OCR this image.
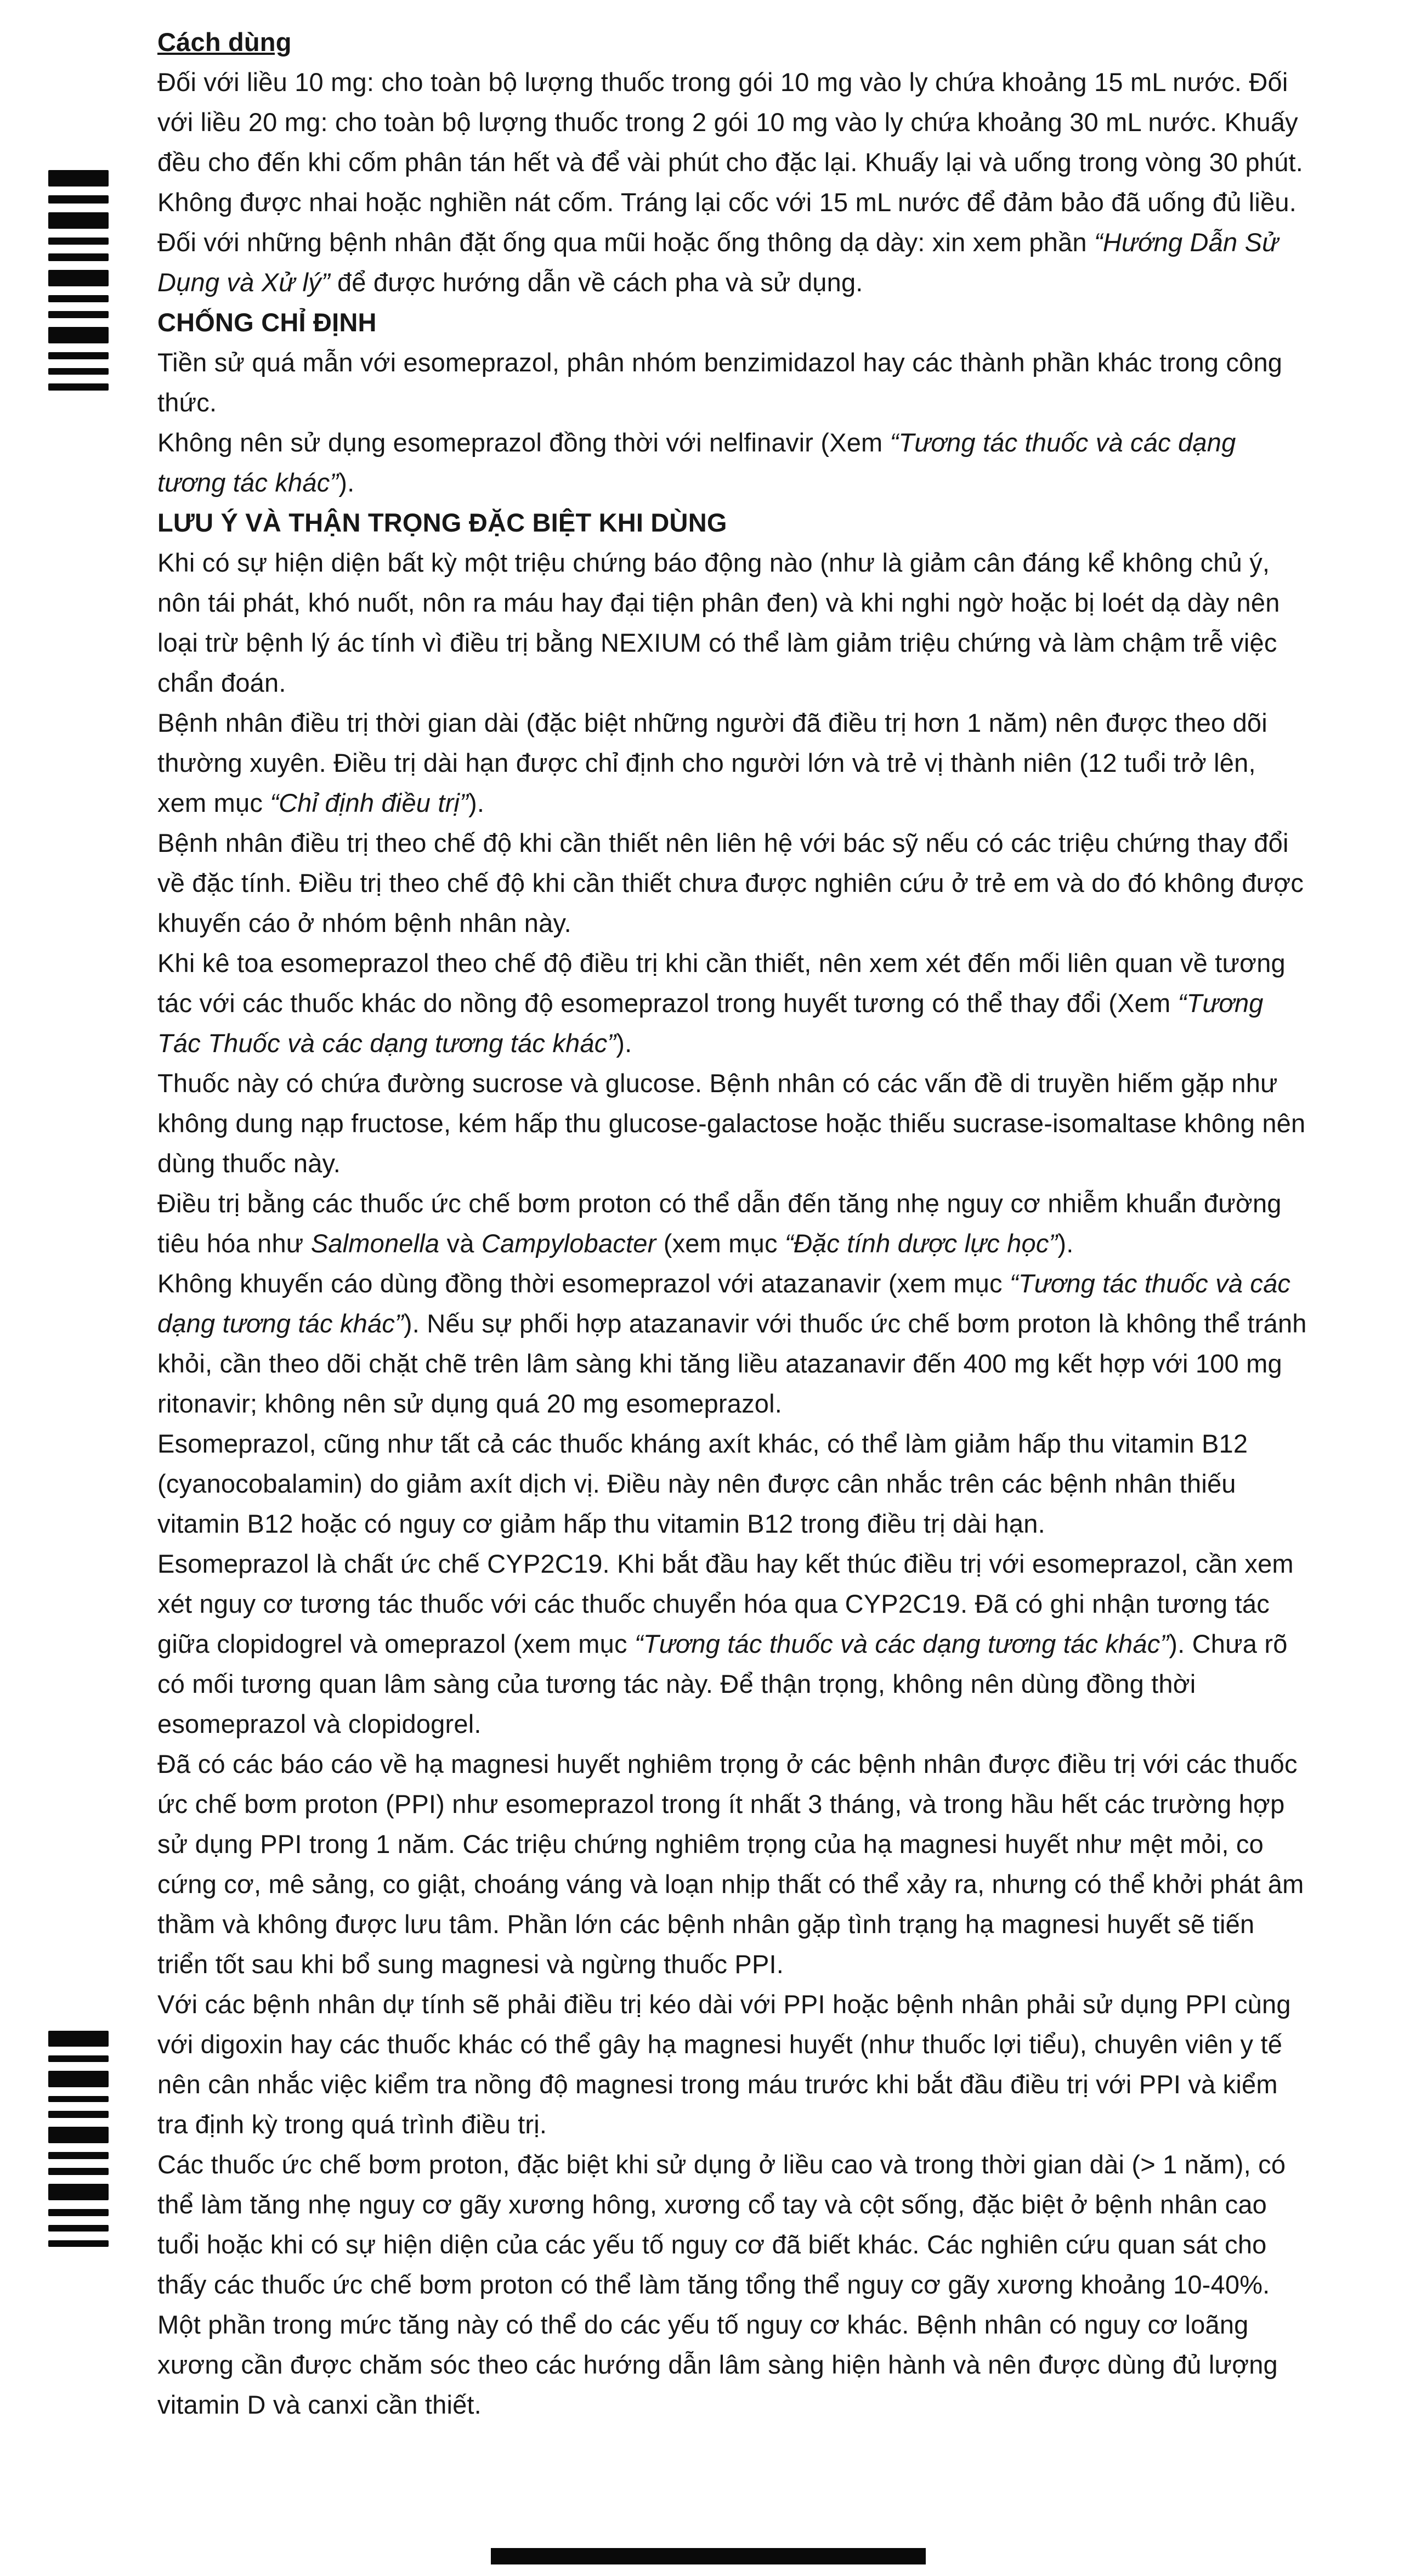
Cách dùng
Đối với liều 10 mg: cho toàn bộ lượng thuốc trong gói 10 mg vào ly chứa khoảng 15 mL nước. Đối với liều 20 mg: cho toàn bộ lượng thuốc trong 2 gói 10 mg vào ly chứa khoảng 30 mL nước. Khuấy đều cho đến khi cốm phân tán hết và để vài phút cho đặc lại. Khuấy lại và uống trong vòng 30 phút. Không được nhai hoặc nghiền nát cốm. Tráng lại cốc với 15 mL nước để đảm bảo đã uống đủ liều.
Đối với những bệnh nhân đặt ống qua mũi hoặc ống thông dạ dày: xin xem phần “Hướng Dẫn Sử Dụng và Xử lý” để được hướng dẫn về cách pha và sử dụng.
CHỐNG CHỈ ĐỊNH
Tiền sử quá mẫn với esomeprazol, phân nhóm benzimidazol hay các thành phần khác trong công thức.
Không nên sử dụng esomeprazol đồng thời với nelfinavir (Xem “Tương tác thuốc và các dạng tương tác khác”).
LƯU Ý VÀ THẬN TRỌNG ĐẶC BIỆT KHI DÙNG
Khi có sự hiện diện bất kỳ một triệu chứng báo động nào (như là giảm cân đáng kể không chủ ý, nôn tái phát, khó nuốt, nôn ra máu hay đại tiện phân đen) và khi nghi ngờ hoặc bị loét dạ dày nên loại trừ bệnh lý ác tính vì điều trị bằng NEXIUM có thể làm giảm triệu chứng và làm chậm trễ việc chẩn đoán.
Bệnh nhân điều trị thời gian dài (đặc biệt những người đã điều trị hơn 1 năm) nên được theo dõi thường xuyên. Điều trị dài hạn được chỉ định cho người lớn và trẻ vị thành niên (12 tuổi trở lên, xem mục “Chỉ định điều trị”).
Bệnh nhân điều trị theo chế độ khi cần thiết nên liên hệ với bác sỹ nếu có các triệu chứng thay đổi về đặc tính. Điều trị theo chế độ khi cần thiết chưa được nghiên cứu ở trẻ em và do đó không được khuyến cáo ở nhóm bệnh nhân này.
Khi kê toa esomeprazol theo chế độ điều trị khi cần thiết, nên xem xét đến mối liên quan về tương tác với các thuốc khác do nồng độ esomeprazol trong huyết tương có thể thay đổi (Xem “Tương Tác Thuốc và các dạng tương tác khác”).
Thuốc này có chứa đường sucrose và glucose. Bệnh nhân có các vấn đề di truyền hiếm gặp như không dung nạp fructose, kém hấp thu glucose-galactose hoặc thiếu sucrase-isomaltase không nên dùng thuốc này.
Điều trị bằng các thuốc ức chế bơm proton có thể dẫn đến tăng nhẹ nguy cơ nhiễm khuẩn đường tiêu hóa như Salmonella và Campylobacter (xem mục “Đặc tính dược lực học”).
Không khuyến cáo dùng đồng thời esomeprazol với atazanavir (xem mục “Tương tác thuốc và các dạng tương tác khác”). Nếu sự phối hợp atazanavir với thuốc ức chế bơm proton là không thể tránh khỏi, cần theo dõi chặt chẽ trên lâm sàng khi tăng liều atazanavir đến 400 mg kết hợp với 100 mg ritonavir; không nên sử dụng quá 20 mg esomeprazol.
Esomeprazol, cũng như tất cả các thuốc kháng axít khác, có thể làm giảm hấp thu vitamin B12 (cyanocobalamin) do giảm axít dịch vị. Điều này nên được cân nhắc trên các bệnh nhân thiếu vitamin B12 hoặc có nguy cơ giảm hấp thu vitamin B12 trong điều trị dài hạn.
Esomeprazol là chất ức chế CYP2C19. Khi bắt đầu hay kết thúc điều trị với esomeprazol, cần xem xét nguy cơ tương tác thuốc với các thuốc chuyển hóa qua CYP2C19. Đã có ghi nhận tương tác giữa clopidogrel và omeprazol (xem mục “Tương tác thuốc và các dạng tương tác khác”). Chưa rõ có mối tương quan lâm sàng của tương tác này. Để thận trọng, không nên dùng đồng thời esomeprazol và clopidogrel.
Đã có các báo cáo về hạ magnesi huyết nghiêm trọng ở các bệnh nhân được điều trị với các thuốc ức chế bơm proton (PPI) như esomeprazol trong ít nhất 3 tháng, và trong hầu hết các trường hợp sử dụng PPI trong 1 năm. Các triệu chứng nghiêm trọng của hạ magnesi huyết như mệt mỏi, co cứng cơ, mê sảng, co giật, choáng váng và loạn nhịp thất có thể xảy ra, nhưng có thể khởi phát âm thầm và không được lưu tâm. Phần lớn các bệnh nhân gặp tình trạng hạ magnesi huyết sẽ tiến triển tốt sau khi bổ sung magnesi và ngừng thuốc PPI.
Với các bệnh nhân dự tính sẽ phải điều trị kéo dài với PPI hoặc bệnh nhân phải sử dụng PPI cùng với digoxin hay các thuốc khác có thể gây hạ magnesi huyết (như thuốc lợi tiểu), chuyên viên y tế nên cân nhắc việc kiểm tra nồng độ magnesi trong máu trước khi bắt đầu điều trị với PPI và kiểm tra định kỳ trong quá trình điều trị.
Các thuốc ức chế bơm proton, đặc biệt khi sử dụng ở liều cao và trong thời gian dài (> 1 năm), có thể làm tăng nhẹ nguy cơ gãy xương hông, xương cổ tay và cột sống, đặc biệt ở bệnh nhân cao tuổi hoặc khi có sự hiện diện của các yếu tố nguy cơ đã biết khác. Các nghiên cứu quan sát cho thấy các thuốc ức chế bơm proton có thể làm tăng tổng thể nguy cơ gãy xương khoảng 10-40%. Một phần trong mức tăng này có thể do các yếu tố nguy cơ khác. Bệnh nhân có nguy cơ loãng xương cần được chăm sóc theo các hướng dẫn lâm sàng hiện hành và nên được dùng đủ lượng vitamin D và canxi cần thiết.
